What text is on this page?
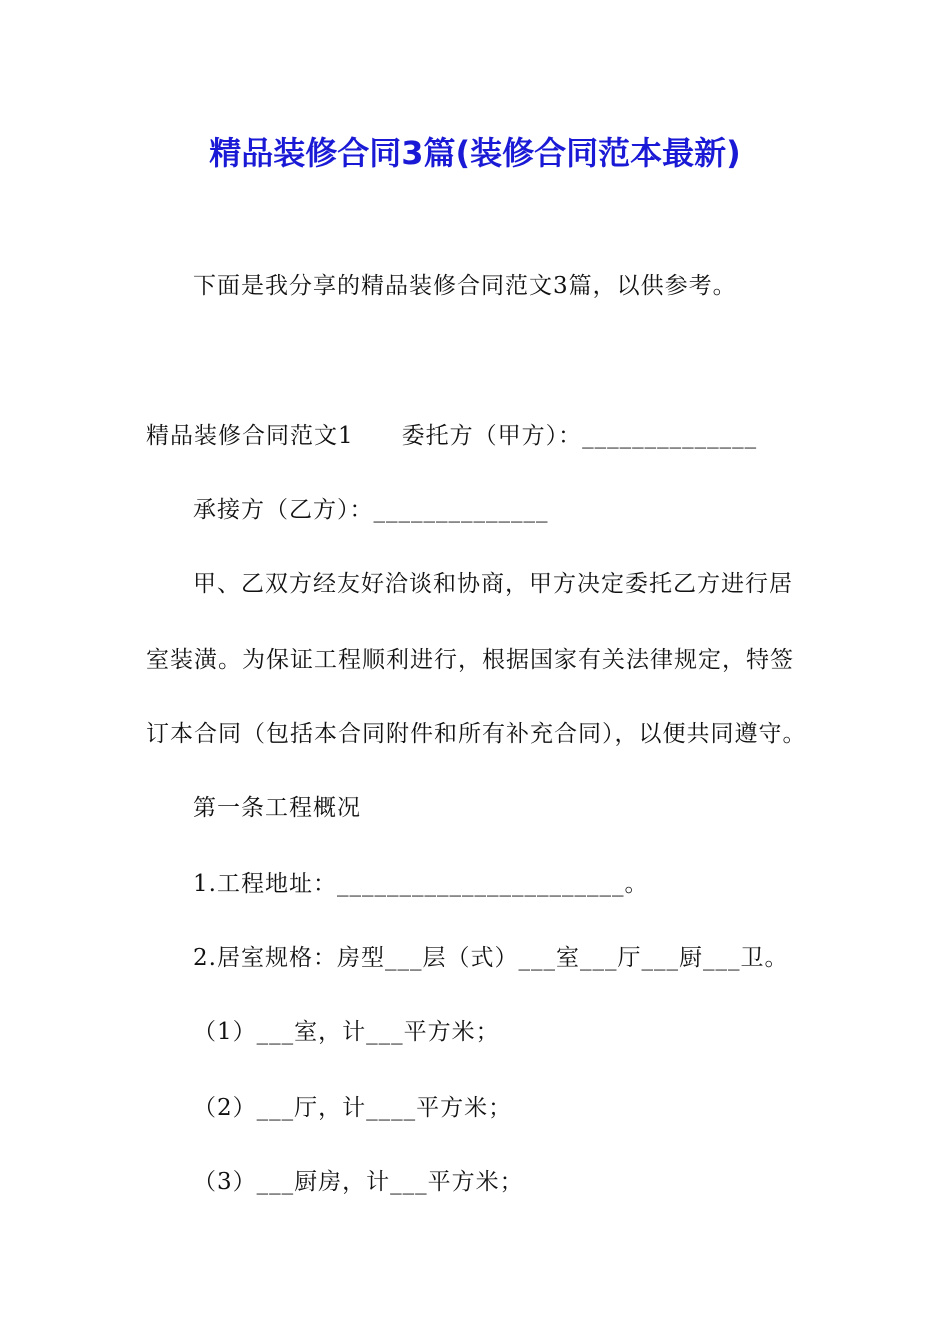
精品装修合同3篇(装修合同范本最新)
下面是我分享的精品装修合同范文3篇，以供参考。
精品装修合同范文1　　委托方（甲方）：______________
承接方（乙方）：______________
甲、乙双方经友好洽谈和协商，甲方决定委托乙方进行居
室装潢。为保证工程顺利进行，根据国家有关法律规定，特签
订本合同（包括本合同附件和所有补充合同），以便共同遵守。
第一条工程概况
1.工程地址：_______________________。
2.居室规格：房型___层（式）___室___厅___厨___卫。
（1）___室，计___平方米；
（2）___厅，计____平方米；
（3）___厨房，计___平方米；
